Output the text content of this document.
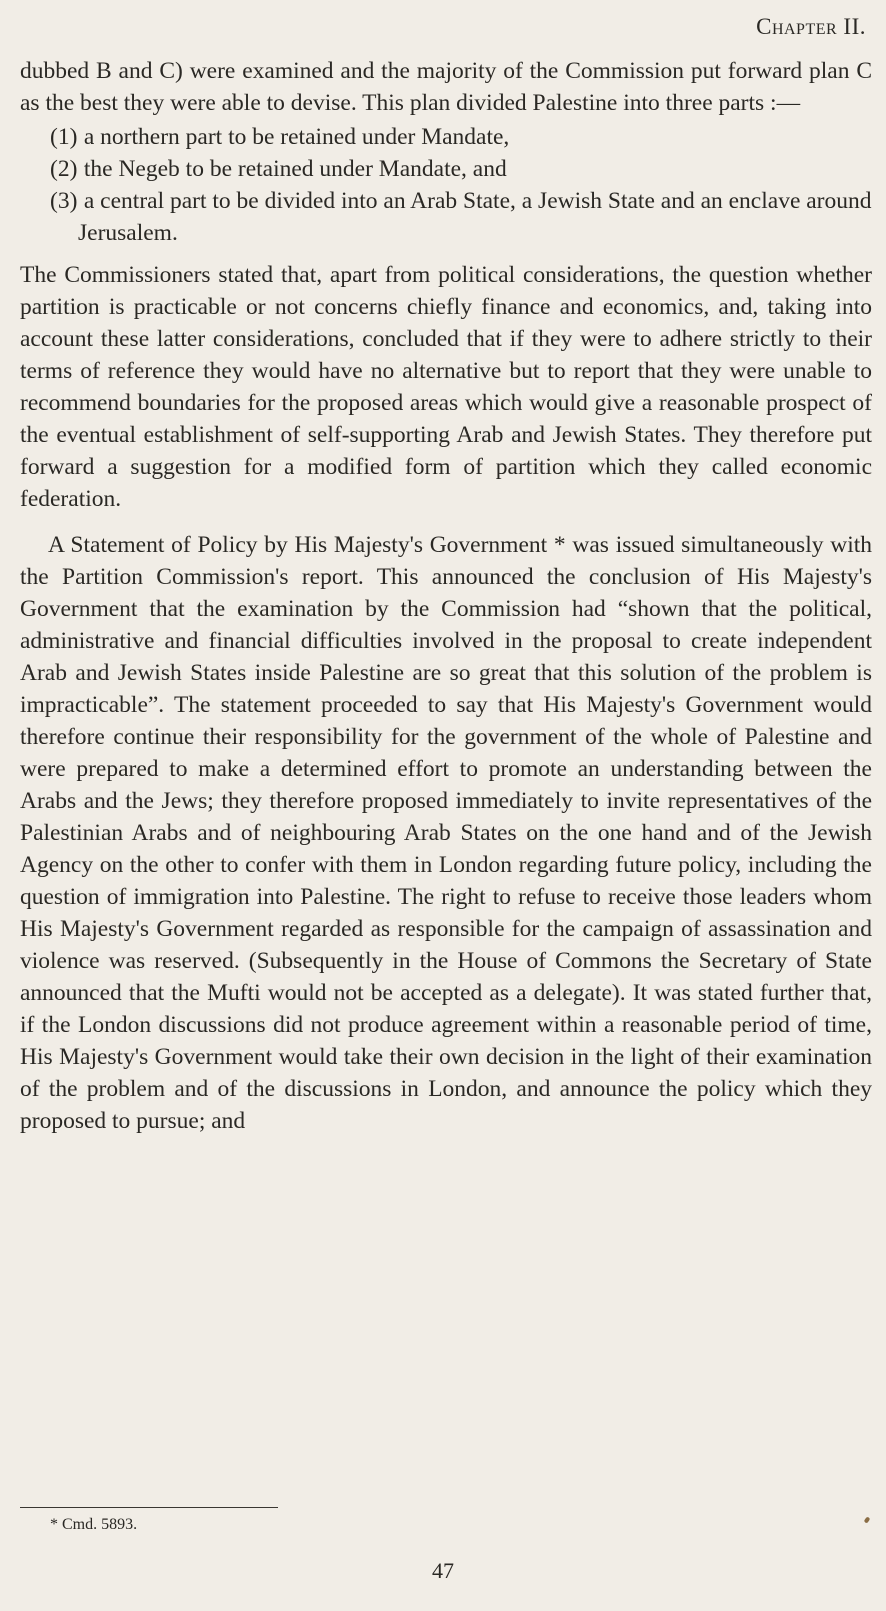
Chapter II.

dubbed B and C) were examined and the majority of the Commission put forward plan C as the best they were able to devise. This plan divided Palestine into three parts :—

(1) a northern part to be retained under Mandate,

(2) the Negeb to be retained under Mandate, and

(3) a central part to be divided into an Arab State, a Jewish State and an enclave around Jerusalem.

The Commissioners stated that, apart from political considerations, the question whether partition is practicable or not concerns chiefly finance and economics, and, taking into account these latter considerations, concluded that if they were to adhere strictly to their terms of reference they would have no alternative but to report that they were unable to recommend boundaries for the proposed areas which would give a reasonable prospect of the eventual establishment of self-supporting Arab and Jewish States. They therefore put forward a suggestion for a modified form of partition which they called economic federation.

A Statement of Policy by His Majesty's Government * was issued simultaneously with the Partition Commission's report. This announced the conclusion of His Majesty's Government that the examination by the Commission had “shown that the political, administrative and financial difficulties involved in the proposal to create independent Arab and Jewish States inside Palestine are so great that this solution of the problem is impracticable”. The statement proceeded to say that His Majesty's Government would therefore continue their responsibility for the government of the whole of Palestine and were prepared to make a determined effort to promote an understanding between the Arabs and the Jews; they therefore proposed immediately to invite representatives of the Palestinian Arabs and of neighbouring Arab States on the one hand and of the Jewish Agency on the other to confer with them in London regarding future policy, including the question of immigration into Palestine. The right to refuse to receive those leaders whom His Majesty's Government regarded as responsible for the campaign of assassination and violence was reserved. (Subsequently in the House of Commons the Secretary of State announced that the Mufti would not be accepted as a delegate). It was stated further that, if the London discussions did not produce agreement within a reasonable period of time, His Majesty's Government would take their own decision in the light of their examination of the problem and of the discussions in London, and announce the policy which they proposed to pursue; and

* Cmd. 5893.
47
